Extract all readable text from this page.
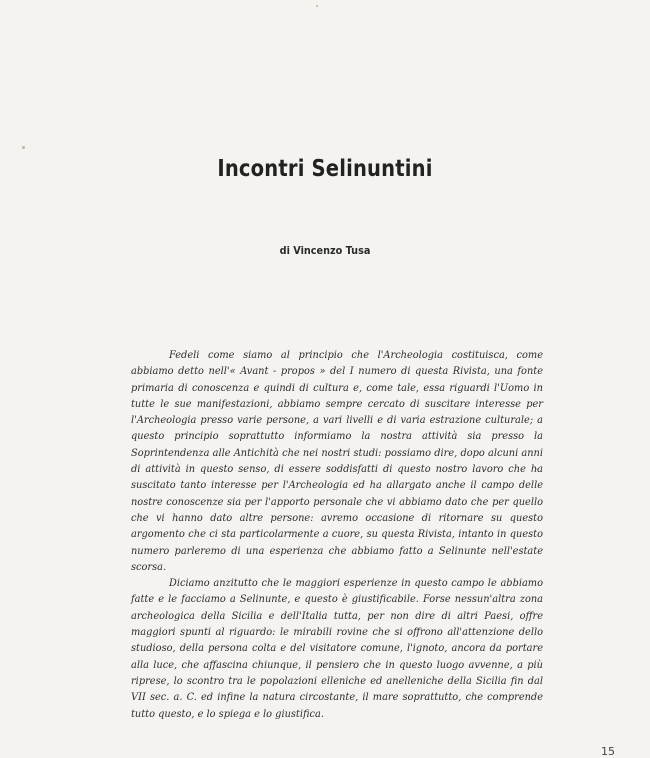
Incontri Selinuntini
di Vincenzo Tusa

Fedeli come siamo al principio che l'Archeologia costituisca, come abbiamo detto nell'« Avant - propos » del I numero di questa Rivista, una fonte primaria di conoscenza e quindi di cultura e, come tale, essa riguardi l'Uomo in tutte le sue manifestazioni, abbiamo sempre cercato di suscitare interesse per l'Archeologia presso varie persone, a vari livelli e di varia estrazione culturale; a questo principio soprattutto informiamo la nostra attività sia presso la Soprintendenza alle Antichità che nei nostri studi: possiamo dire, dopo alcuni anni di attività in questo senso, di essere soddisfatti di questo nostro lavoro che ha suscitato tanto interesse per l'Archeologia ed ha allargato anche il campo delle nostre conoscenze sia per l'apporto personale che vi abbiamo dato che per quello che vi hanno dato altre persone: avremo occasione di ritornare su questo argomento che ci sta particolarmente a cuore, su questa Rivista, intanto in questo numero parleremo di una esperienza che abbiamo fatto a Selinunte nell'estate scorsa.

Diciamo anzitutto che le maggiori esperienze in questo campo le abbiamo fatte e le facciamo a Selinunte, e questo è giustificabile. Forse nessun'altra zona archeologica della Sicilia e dell'Italia tutta, per non dire di altri Paesi, offre maggiori spunti al riguardo: le mirabili rovine che si offrono all'attenzione dello studioso, della persona colta e del visitatore comune, l'ignoto, ancora da portare alla luce, che affascina chiunque, il pensiero che in questo luogo avvenne, a più riprese, lo scontro tra le popolazioni elleniche ed anelleniche della Sicilia fin dal VII sec. a. C. ed infine la natura circostante, il mare soprattutto, che comprende tutto questo, e lo spiega e lo giustifica.

15
